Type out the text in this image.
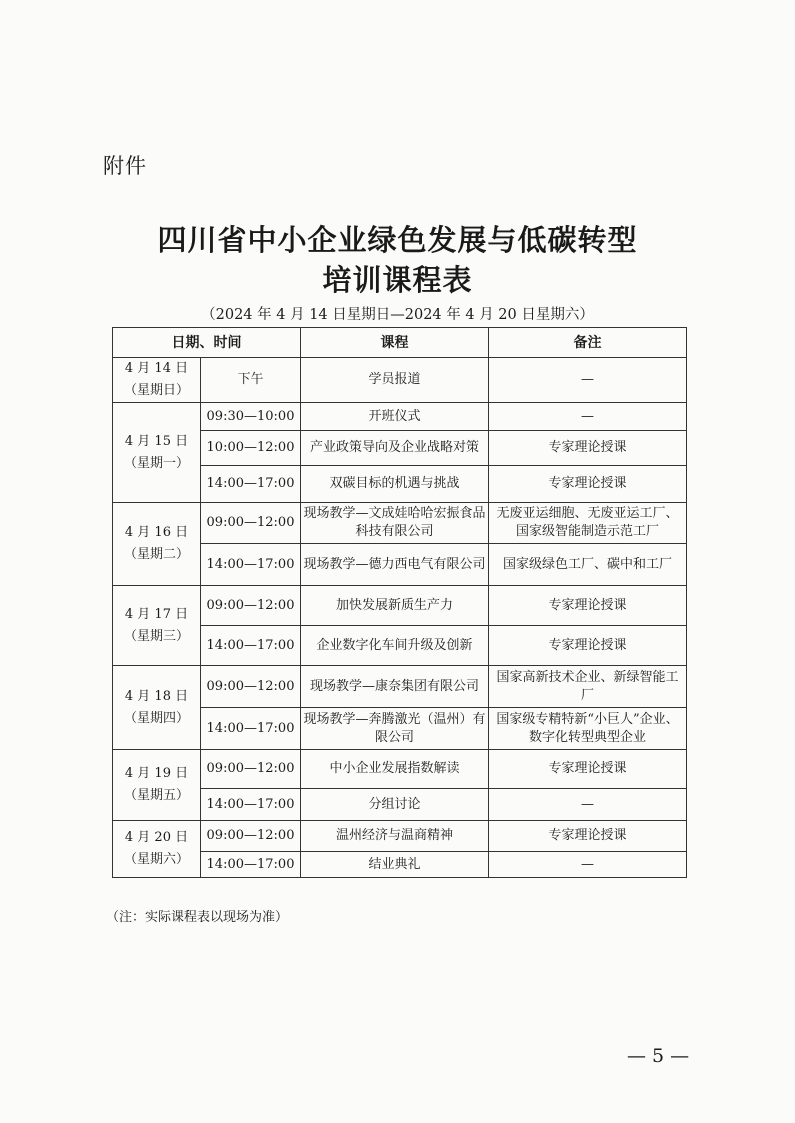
附件
四川省中小企业绿色发展与低碳转型
培训课程表
（2024 年 4 月 14 日星期日—2024 年 4 月 20 日星期六）
日期、时间		课程	备注

4 月 14 日
（星期日）	下午	学员报道	—

4 月 15 日
（星期一）	09:30—10:00	开班仪式	—
	10:00—12:00	产业政策导向及企业战略对策	专家理论授课
	14:00—17:00	双碳目标的机遇与挑战	专家理论授课

4 月 16 日
（星期二）	09:00—12:00	现场教学—文成娃哈哈宏振食品科技有限公司	无废亚运细胞、无废亚运工厂、国家级智能制造示范工厂
	14:00—17:00	现场教学—德力西电气有限公司	国家级绿色工厂、碳中和工厂

4 月 17 日
（星期三）	09:00—12:00	加快发展新质生产力	专家理论授课
	14:00—17:00	企业数字化车间升级及创新	专家理论授课

4 月 18 日
（星期四）	09:00—12:00	现场教学—康奈集团有限公司	国家高新技术企业、新绿智能工厂
	14:00—17:00	现场教学—奔腾激光（温州）有限公司	国家级专精特新“小巨人”企业、数字化转型典型企业

4 月 19 日
（星期五）	09:00—12:00	中小企业发展指数解读	专家理论授课
	14:00—17:00	分组讨论	—

4 月 20 日
（星期六）	09:00—12:00	温州经济与温商精神	专家理论授课
	14:00—17:00	结业典礼	—
（注：实际课程表以现场为准）
— 5 —
